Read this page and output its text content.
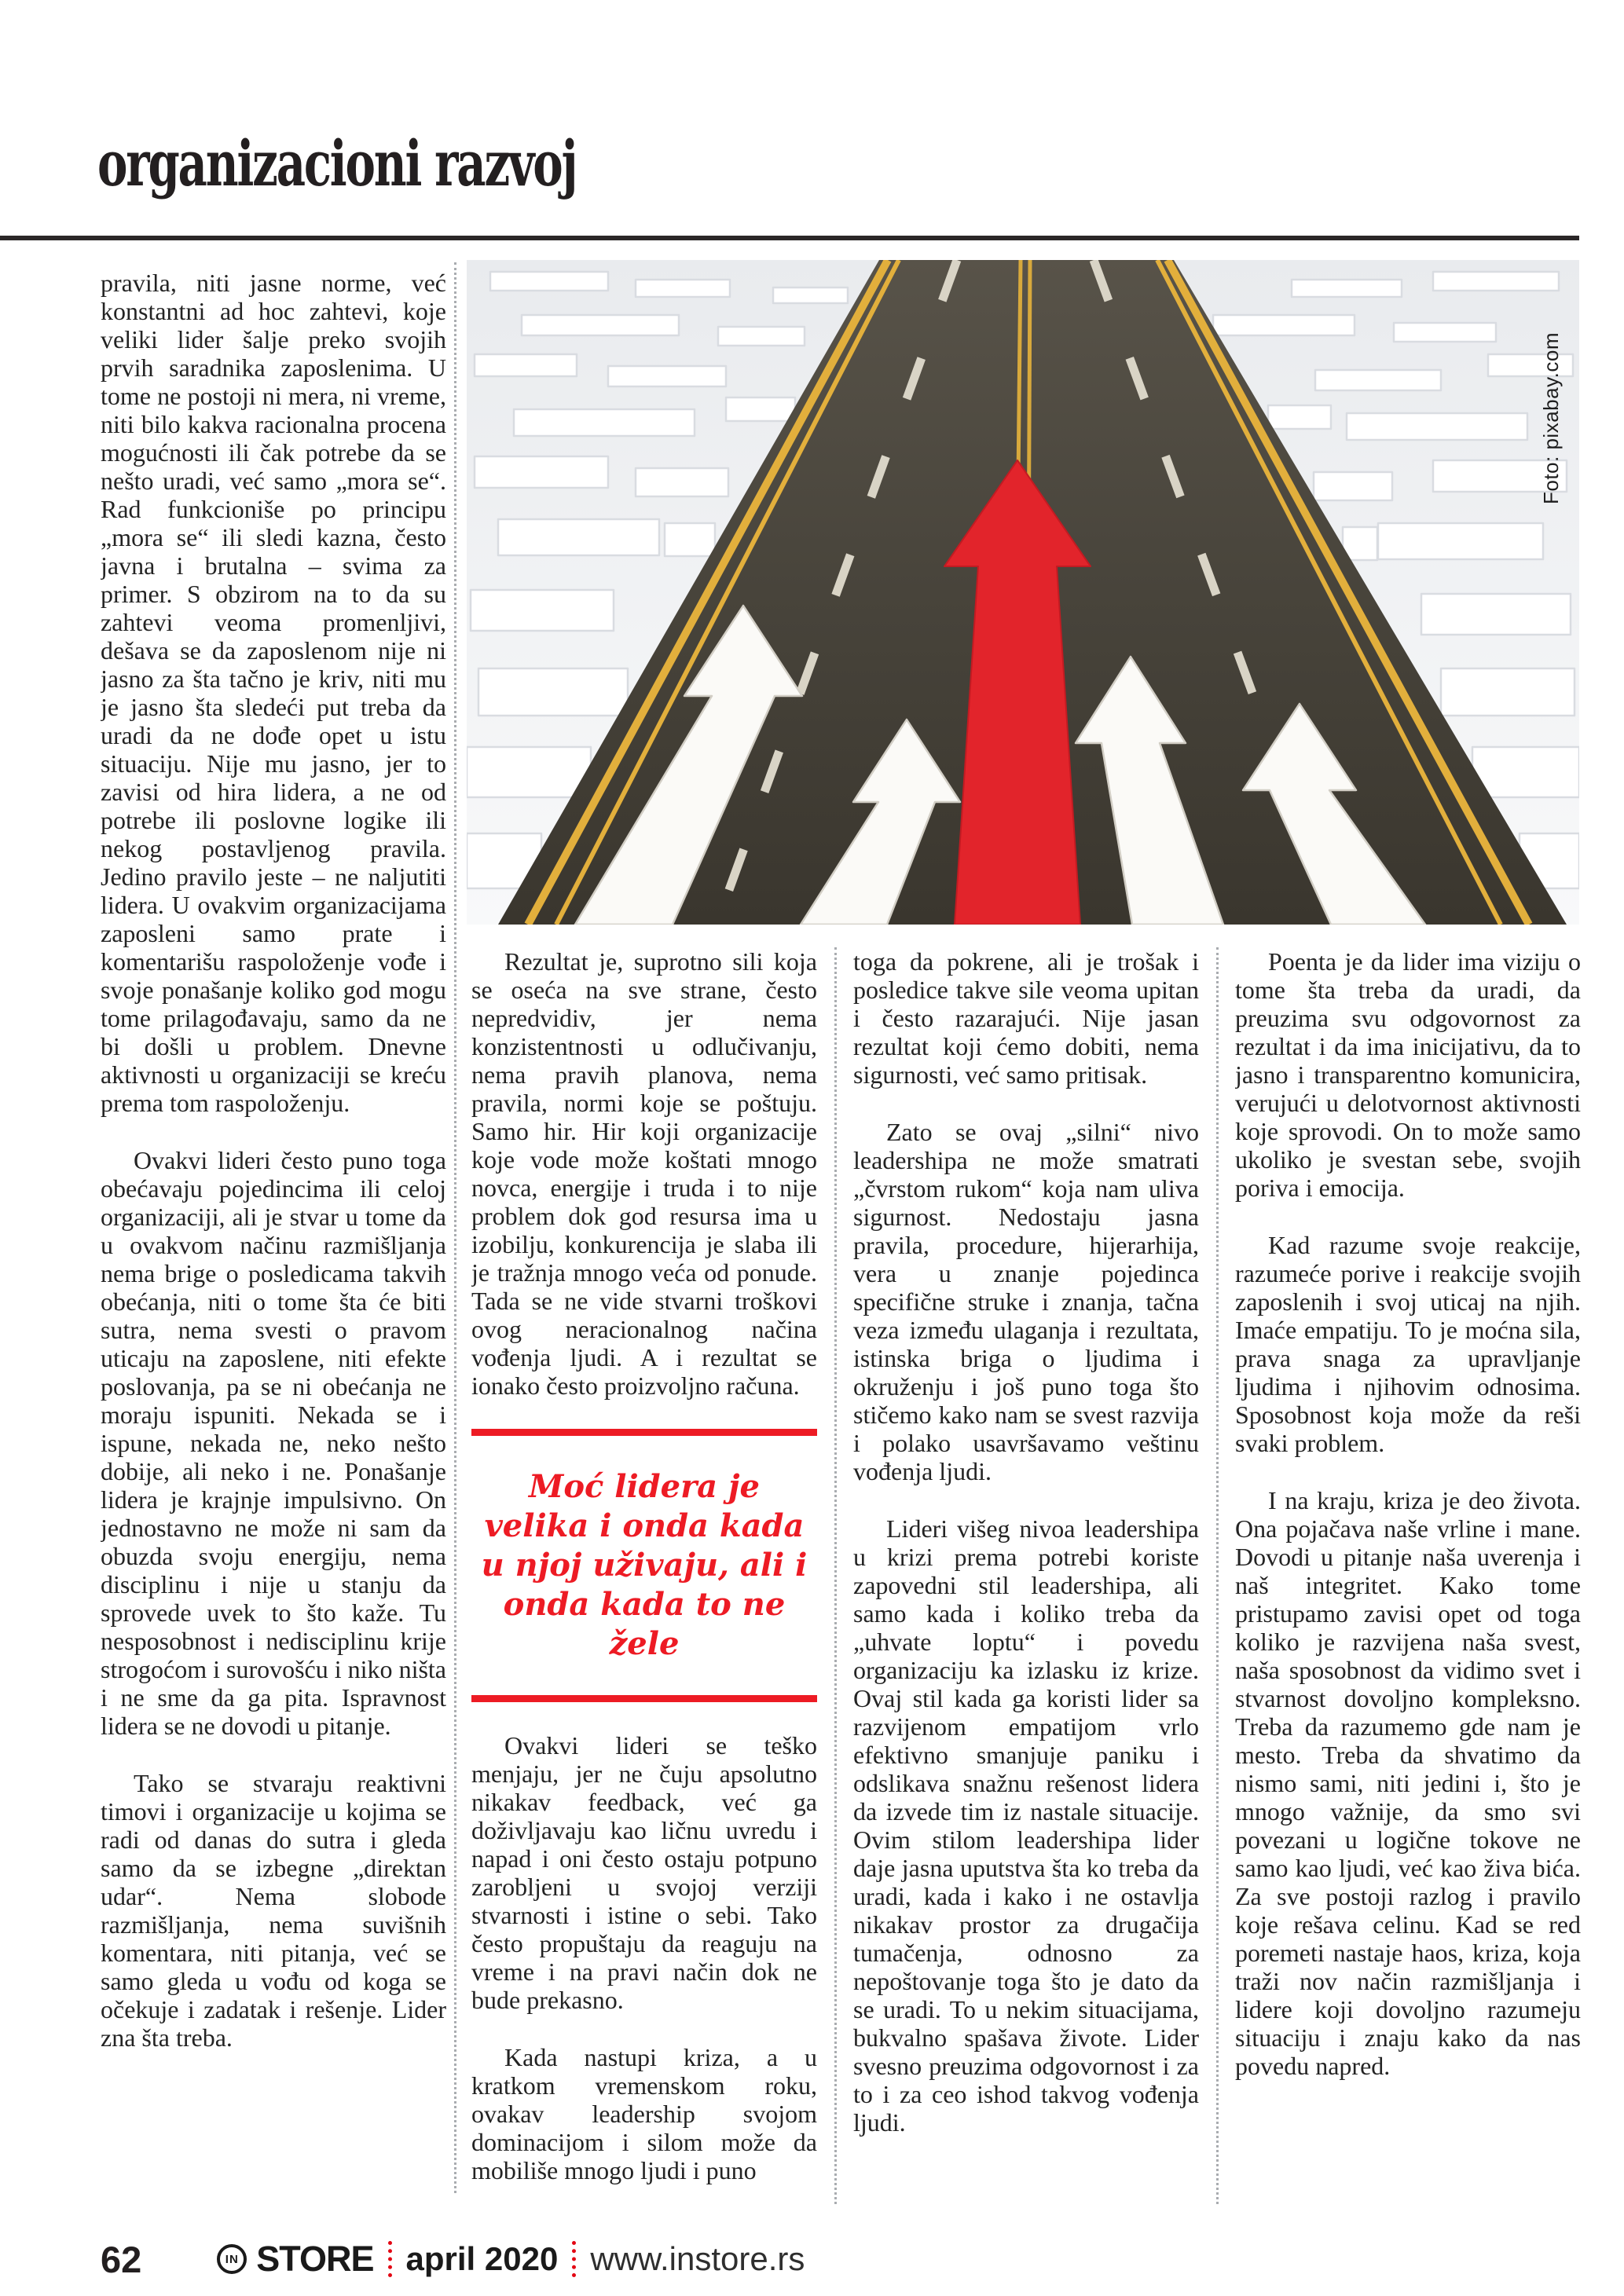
organizacioni razvoj

pravila, niti jasne norme, već konstantni ad hoc zahtevi, koje veliki lider šalje preko svojih prvih saradnika zaposlenima. U tome ne postoji ni mera, ni vreme, niti bilo kakva racionalna procena mogućnosti ili čak potrebe da se nešto uradi, već samo „mora se“. Rad funkcioniše po principu „mora se“ ili sledi kazna, često javna i brutalna – svima za primer. S obzirom na to da su zahtevi veoma promenljivi, dešava se da zaposlenom nije ni jasno za šta tačno je kriv, niti mu je jasno šta sledeći put treba da uradi da ne dođe opet u istu situaciju. Nije mu jasno, jer to zavisi od hira lidera, a ne od potrebe ili poslovne logike ili nekog postavljenog pravila. Jedino pravilo jeste – ne naljutiti lidera. U ovakvim organizacijama zaposleni samo prate i komentarišu raspoloženje vođe i svoje ponašanje koliko god mogu tome prilagođavaju, samo da ne bi došli u problem. Dnevne aktivnosti u organizaciji se kreću prema tom raspoloženju.

Ovakvi lideri često puno toga obećavaju pojedincima ili celoj organizaciji, ali je stvar u tome da u ovakvom načinu razmišljanja nema brige o posledicama takvih obećanja, niti o tome šta će biti sutra, nema svesti o pravom uticaju na zaposlene, niti efekte poslovanja, pa se ni obećanja ne moraju ispuniti. Nekada se i ispune, nekada ne, neko nešto dobije, ali neko i ne. Ponašanje lidera je krajnje impulsivno. On jednostavno ne može ni sam da obuzda svoju energiju, nema disciplinu i nije u stanju da sprovede uvek to što kaže. Tu nesposobnost i nedisciplinu krije strogoćom i surovošću i niko ništa i ne sme da ga pita. Ispravnost lidera se ne dovodi u pitanje.

Tako se stvaraju reaktivni timovi i organizacije u kojima se radi od danas do sutra i gleda samo da se izbegne „direktan udar“. Nema slobode razmišljanja, nema suvišnih komentara, niti pitanja, već se samo gleda u vođu od koga se očekuje i zadatak i rešenje. Lider zna šta treba.

Foto: pixabay.com

Rezultat je, suprotno sili koja se oseća na sve strane, često nepredvidiv, jer nema konzistentnosti u odlučivanju, nema pravih planova, nema pravila, normi koje se poštuju. Samo hir. Hir koji organizacije koje vode može koštati mnogo novca, energije i truda i to nije problem dok god resursa ima u izobilju, konkurencija je slaba ili je tražnja mnogo veća od ponude. Tada se ne vide stvarni troškovi ovog neracionalnog načina vođenja ljudi. A i rezultat se ionako često proizvoljno računa.

Moć lidera je velika i onda kada u njoj uživaju, ali i onda kada to ne žele

Ovakvi lideri se teško menjaju, jer ne čuju apsolutno nikakav feedback, već ga doživljavaju kao ličnu uvredu i napad i oni često ostaju potpuno zarobljeni u svojoj verziji stvarnosti i istine o sebi. Tako često propuštaju da reaguju na vreme i na pravi način dok ne bude prekasno.

Kada nastupi kriza, a u kratkom vremenskom roku, ovakav leadership svojom dominacijom i silom može da mobiliše mnogo ljudi i puno

toga da pokrene, ali je trošak i posledice takve sile veoma upitan i često razarajući. Nije jasan rezultat koji ćemo dobiti, nema sigurnosti, već samo pritisak.

Zato se ovaj „silni“ nivo leadershipa ne može smatrati „čvrstom rukom“ koja nam uliva sigurnost. Nedostaju jasna pravila, procedure, hijerarhija, vera u znanje pojedinca specifične struke i znanja, tačna veza između ulaganja i rezultata, istinska briga o ljudima i okruženju i još puno toga što stičemo kako nam se svest razvija i polako usavršavamo veštinu vođenja ljudi.

Lideri višeg nivoa leadershipa u krizi prema potrebi koriste zapovedni stil leadershipa, ali samo kada i koliko treba da „uhvate loptu“ i povedu organizaciju ka izlasku iz krize. Ovaj stil kada ga koristi lider sa razvijenom empatijom vrlo efektivno smanjuje paniku i odslikava snažnu rešenost lidera da izvede tim iz nastale situacije. Ovim stilom leadershipa lider daje jasna uputstva šta ko treba da uradi, kada i kako i ne ostavlja nikakav prostor za drugačija tumačenja, odnosno za nepoštovanje toga što je dato da se uradi. To u nekim situacijama, bukvalno spašava živote. Lider svesno preuzima odgovornost i za to i za ceo ishod takvog vođenja ljudi.

Poenta je da lider ima viziju o tome šta treba da uradi, da preuzima svu odgovornost za rezultat i da ima inicijativu, da to jasno i transparentno komunicira, verujući u delotvornost aktivnosti koje sprovodi. On to može samo ukoliko je svestan sebe, svojih poriva i emocija.

Kad razume svoje reakcije, razumeće porive i reakcije svojih zaposlenih i svoj uticaj na njih. Imaće empatiju. To je moćna sila, prava snaga za upravljanje ljudima i njihovim odnosima. Sposobnost koja može da reši svaki problem.

I na kraju, kriza je deo života. Ona pojačava naše vrline i mane. Dovodi u pitanje naša uverenja i naš integritet. Kako tome pristupamo zavisi opet od toga koliko je razvijena naša svest, naša sposobnost da vidimo svet i stvarnost dovoljno kompleksno. Treba da razumemo gde nam je mesto. Treba da shvatimo da nismo sami, niti jedini i, što je mnogo važnije, da smo svi povezani u logične tokove ne samo kao ljudi, već kao živa bića. Za sve postoji razlog i pravilo koje rešava celinu. Kad se red poremeti nastaje haos, kriza, koja traži nov način razmišljanja i lidere koji dovoljno razumeju situaciju i znaju kako da nas povedu napred.

62	IN STORE april 2020 www.instore.rs
